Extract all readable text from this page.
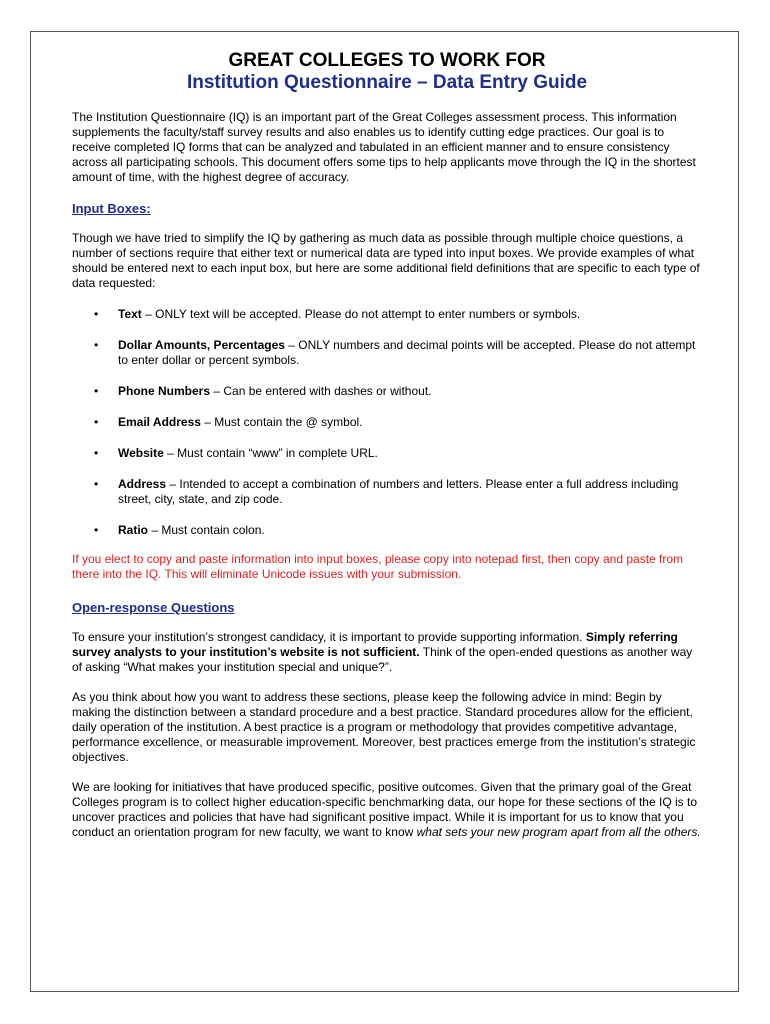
GREAT COLLEGES TO WORK FOR
Institution Questionnaire – Data Entry Guide

The Institution Questionnaire (IQ) is an important part of the Great Colleges assessment process. This information supplements the faculty/staff survey results and also enables us to identify cutting edge practices. Our goal is to receive completed IQ forms that can be analyzed and tabulated in an efficient manner and to ensure consistency across all participating schools. This document offers some tips to help applicants move through the IQ in the shortest amount of time, with the highest degree of accuracy.

Input Boxes:

Though we have tried to simplify the IQ by gathering as much data as possible through multiple choice questions, a number of sections require that either text or numerical data are typed into input boxes. We provide examples of what should be entered next to each input box, but here are some additional field definitions that are specific to each type of data requested:

• Text – ONLY text will be accepted. Please do not attempt to enter numbers or symbols.
• Dollar Amounts, Percentages – ONLY numbers and decimal points will be accepted. Please do not attempt to enter dollar or percent symbols.
• Phone Numbers – Can be entered with dashes or without.
• Email Address – Must contain the @ symbol.
• Website – Must contain “www” in complete URL.
• Address – Intended to accept a combination of numbers and letters. Please enter a full address including street, city, state, and zip code.
• Ratio – Must contain colon.

If you elect to copy and paste information into input boxes, please copy into notepad first, then copy and paste from there into the IQ. This will eliminate Unicode issues with your submission.

Open-response Questions

To ensure your institution’s strongest candidacy, it is important to provide supporting information. Simply referring survey analysts to your institution’s website is not sufficient. Think of the open-ended questions as another way of asking “What makes your institution special and unique?”.

As you think about how you want to address these sections, please keep the following advice in mind: Begin by making the distinction between a standard procedure and a best practice. Standard procedures allow for the efficient, daily operation of the institution. A best practice is a program or methodology that provides competitive advantage, performance excellence, or measurable improvement. Moreover, best practices emerge from the institution’s strategic objectives.

We are looking for initiatives that have produced specific, positive outcomes. Given that the primary goal of the Great Colleges program is to collect higher education-specific benchmarking data, our hope for these sections of the IQ is to uncover practices and policies that have had significant positive impact. While it is important for us to know that you conduct an orientation program for new faculty, we want to know what sets your new program apart from all the others.
